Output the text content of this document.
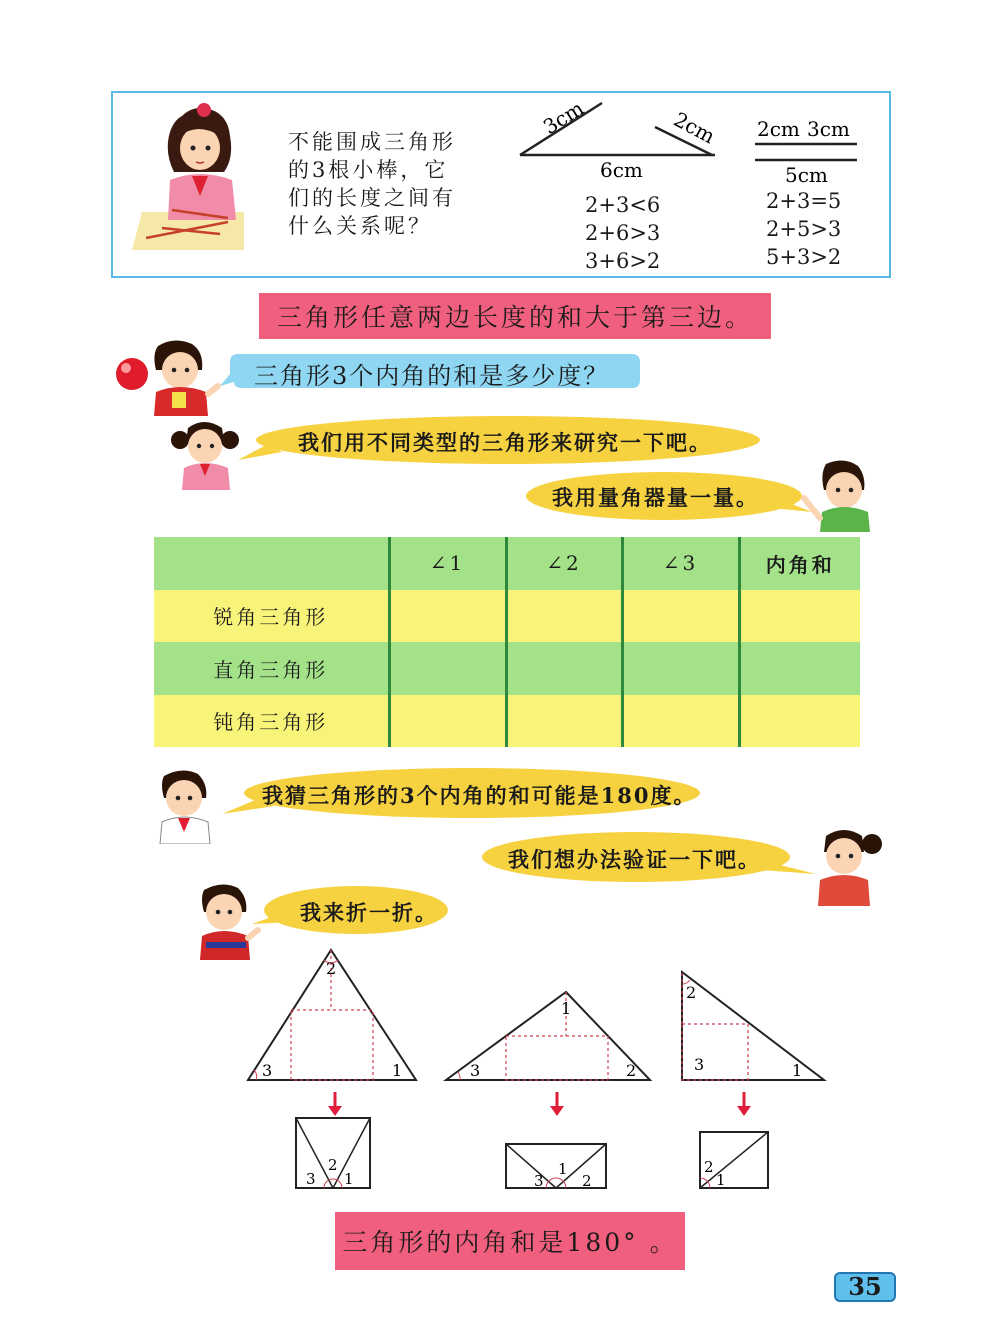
不能围成三角形
的3根小棒，它
们的长度之间有
什么关系呢？
3cm	2cm
6cm
2+3<6
2+6>3
3+6>2
2cm 3cm
5cm
2+3=5
2+5>3
5+3>2
三角形任意两边长度的和大于第三边。
三角形3个内角的和是多少度？
我们用不同类型的三角形来研究一下吧。
我用量角器量一量。
	∠1	∠2	∠3	内角和
锐角三角形				
直角三角形				
钝角三角形				
我猜三角形的3个内角的和可能是180度。
我们想办法验证一下吧。
我来折一折。
3
2
1	3
1
2
2
3	1
3
2
1	3
1
2
2
1
三角形的内角和是180° 。
35
